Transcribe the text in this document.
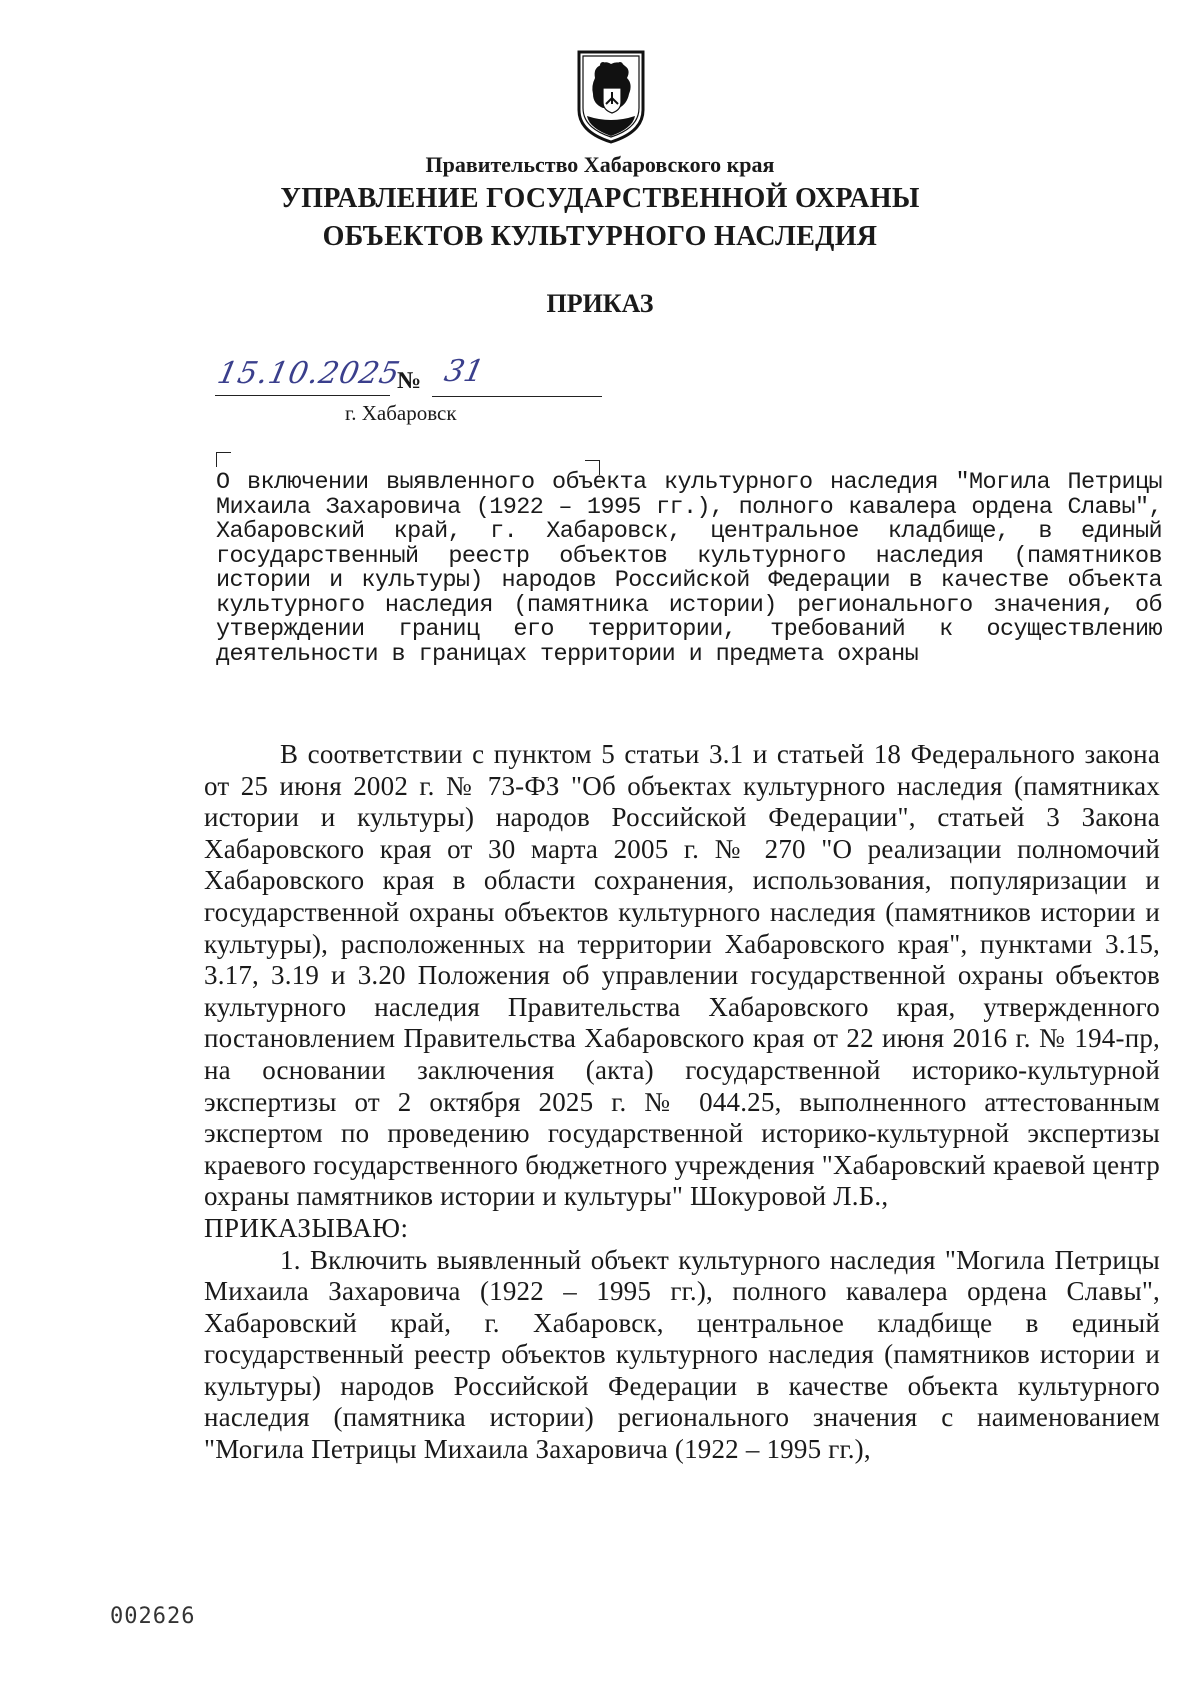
Правительство Хабаровского края
УПРАВЛЕНИЕ ГОСУДАРСТВЕННОЙ ОХРАНЫ
ОБЪЕКТОВ КУЛЬТУРНОГО НАСЛЕДИЯ
ПРИКАЗ
15.10.2025
№ 31
г. Хабаровск
О включении выявленного объекта культурного наследия "Могила Петрицы Михаила Захаровича (1922 – 1995 гг.), полного кавалера ордена Славы", Хабаровский край, г. Хабаровск, центральное кладбище, в единый государственный реестр объектов культурного наследия (памятников истории и культуры) народов Российской Федерации в качестве объекта культурного наследия (памятника истории) регионального значения, об утверждении границ его территории, требований к осуществлению деятельности в границах территории и предмета охраны

В соответствии с пунктом 5 статьи 3.1 и статьей 18 Федерального закона от 25 июня 2002 г. № 73-ФЗ "Об объектах культурного наследия (памятниках истории и культуры) народов Российской Федерации", статьей 3 Закона Хабаровского края от 30 марта 2005 г. № 270 "О реализации полномочий Хабаровского края в области сохранения, использования, популяризации и государственной охраны объектов культурного наследия (памятников истории и культуры), расположенных на территории Хабаровского края", пунктами 3.15, 3.17, 3.19 и 3.20 Положения об управлении государственной охраны объектов культурного наследия Правительства Хабаровского края, утвержденного постановлением Правительства Хабаровского края от 22 июня 2016 г. № 194-пр, на основании заключения (акта) государственной историко-культурной экспертизы от 2 октября 2025 г. № 044.25, выполненного аттестованным экспертом по проведению государственной историко-культурной экспертизы краевого государственного бюджетного учреждения "Хабаровский краевой центр охраны памятников истории и культуры" Шокуровой Л.Б.,

ПРИКАЗЫВАЮ:

1. Включить выявленный объект культурного наследия "Могила Петрицы Михаила Захаровича (1922 – 1995 гг.), полного кавалера ордена Славы", Хабаровский край, г. Хабаровск, центральное кладбище в единый государственный реестр объектов культурного наследия (памятников истории и культуры) народов Российской Федерации в качестве объекта культурного наследия (памятника истории) регионального значения с наименованием "Могила Петрицы Михаила Захаровича (1922 – 1995 гг.),

002626
